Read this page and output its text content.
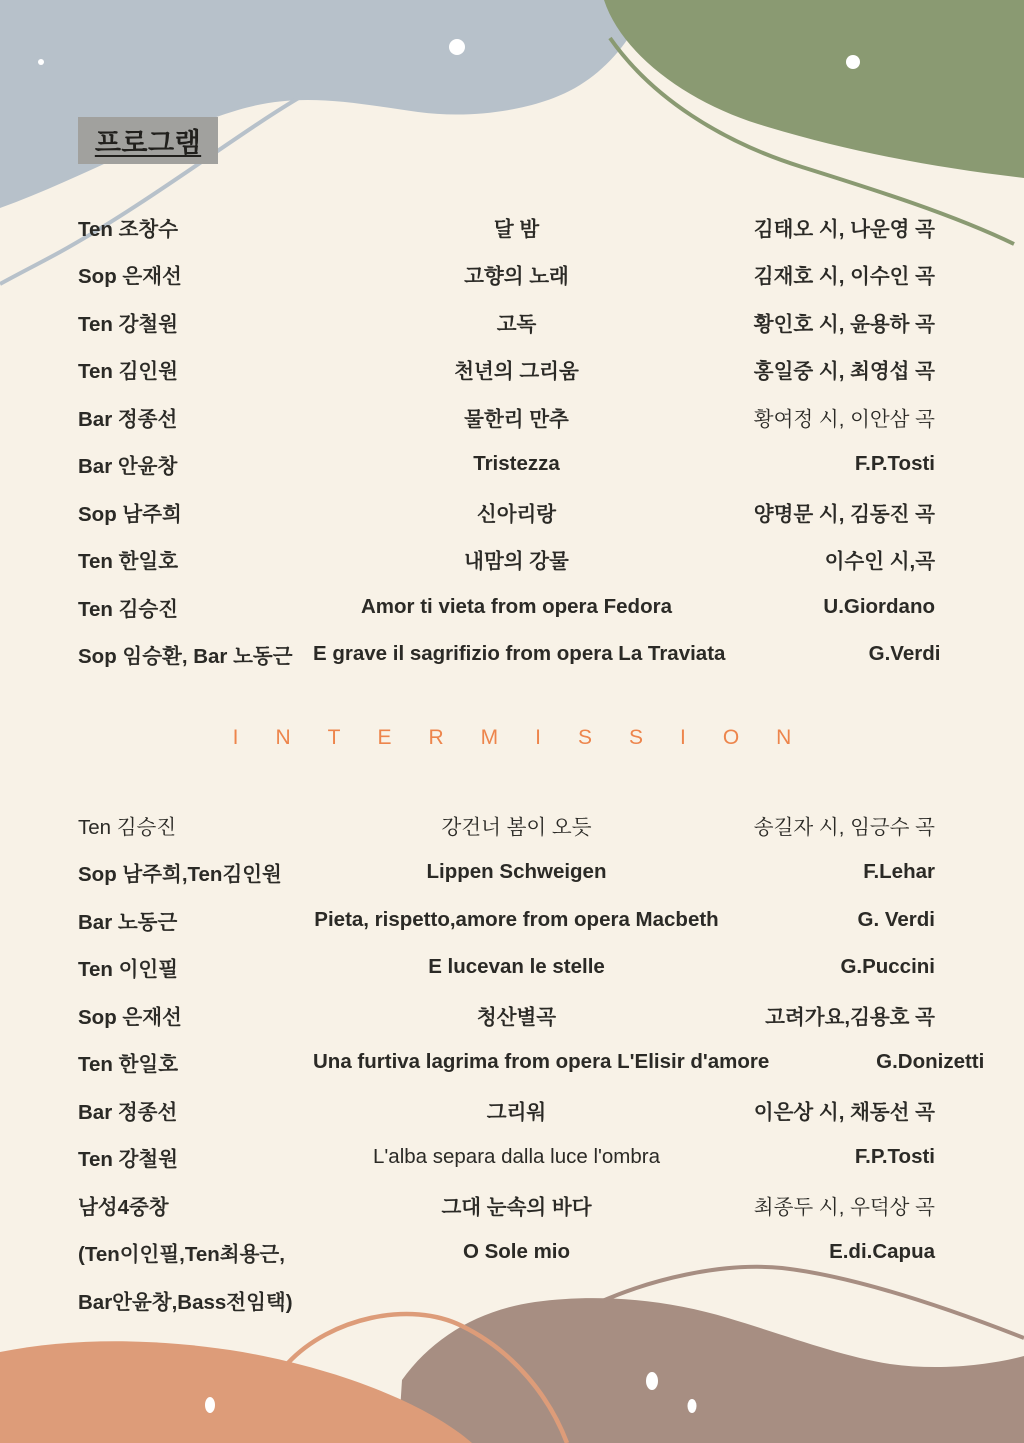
프로그램
Ten 조창수	달 밤	김태오 시, 나운영 곡
Sop 은재선	고향의 노래	김재호 시, 이수인 곡
Ten 강철원	고독	황인호 시, 윤용하 곡
Ten 김인원	천년의 그리움	홍일중 시, 최영섭 곡
Bar 정종선	물한리 만추	황여정 시, 이안삼 곡
Bar 안윤창	Tristezza	F.P.Tosti
Sop 남주희	신아리랑	양명문 시, 김동진 곡
Ten 한일호	내맘의 강물	이수인 시,곡
Ten 김승진	Amor ti vieta from opera Fedora	U.Giordano
Sop 임승환, Bar 노동근 E grave il sagrifizio from opera La Traviata	G.Verdi
INTERMISSION
Ten 김승진	강건너 봄이 오듯	송길자 시, 임긍수 곡
Sop 남주희,Ten김인원	Lippen Schweigen	F.Lehar
Bar 노동근	Pieta, rispetto,amore from opera Macbeth	G. Verdi
Ten 이인필	E lucevan le stelle	G.Puccini
Sop 은재선	청산별곡	고려가요,김용호 곡
Ten 한일호	Una furtiva lagrima from opera L'Elisir d'amore	G.Donizetti
Bar 정종선	그리워	이은상 시, 채동선 곡
Ten 강철원	L'alba separa dalla luce l'ombra	F.P.Tosti
남성4중창	그대 눈속의 바다	최종두 시, 우덕상 곡
(Ten이인필,Ten최용근,	O Sole mio	E.di.Capua
Bar안윤창,Bass전임택)
